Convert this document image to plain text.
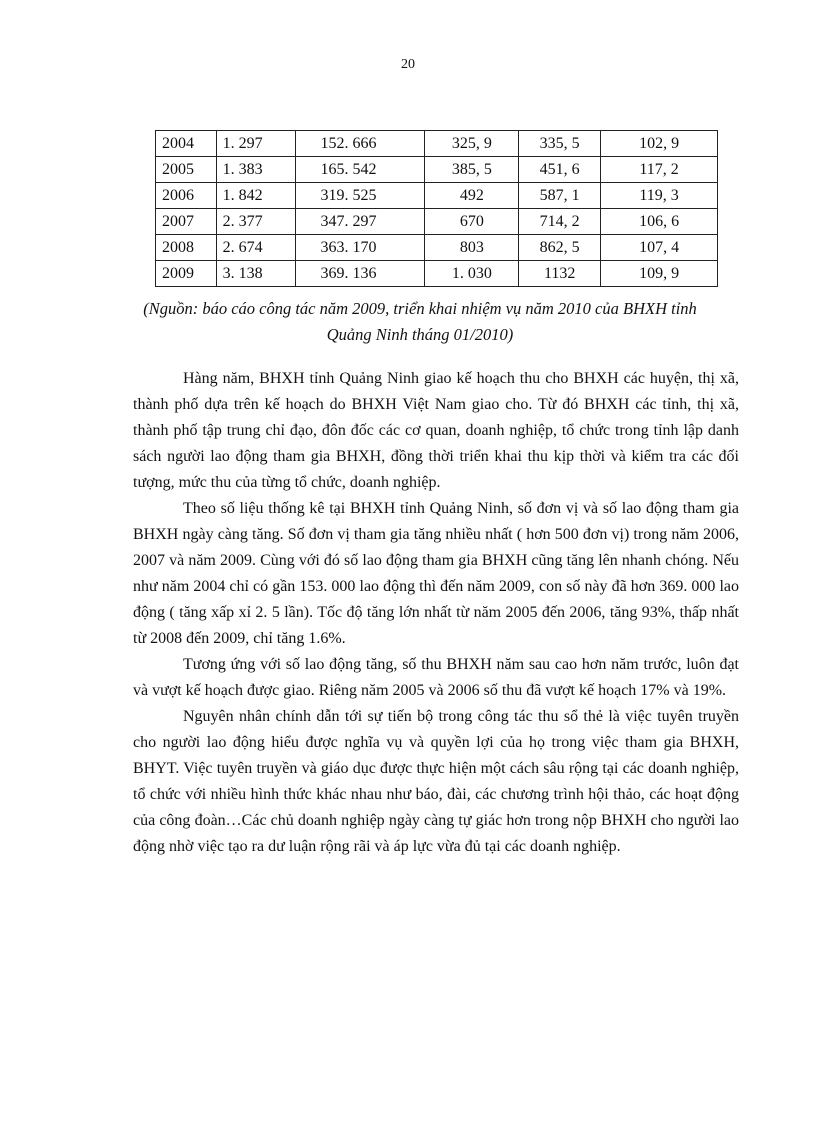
20
2004	1. 297	152. 666	325, 9	335, 5	102, 9
2005	1. 383	165. 542	385, 5	451, 6	117, 2
2006	1. 842	319. 525	492	587, 1	119, 3
2007	2. 377	347. 297	670	714, 2	106, 6
2008	2. 674	363. 170	803	862, 5	107, 4
2009	3. 138	369. 136	1. 030	1132	109, 9
(Nguồn: báo cáo công tác năm 2009, triển khai nhiệm vụ năm 2010 của BHXH tỉnh Quảng Ninh tháng 01/2010)

Hàng năm, BHXH tỉnh Quảng Ninh giao kế hoạch thu cho BHXH các huyện, thị xã, thành phố dựa trên kế hoạch do BHXH Việt Nam giao cho. Từ đó BHXH các tỉnh, thị xã, thành phố tập trung chỉ đạo, đôn đốc các cơ quan, doanh nghiệp, tổ chức trong tỉnh lập danh sách người lao động tham gia BHXH, đồng thời triển khai thu kịp thời và kiểm tra các đối tượng, mức thu của từng tổ chức, doanh nghiệp.

Theo số liệu thống kê tại BHXH tỉnh Quảng Ninh, số đơn vị và số lao động tham gia BHXH ngày càng tăng. Số đơn vị tham gia tăng nhiều nhất ( hơn 500 đơn vị) trong năm 2006, 2007 và năm 2009. Cùng với đó số lao động tham gia BHXH cũng tăng lên nhanh chóng. Nếu như năm 2004 chỉ có gần 153. 000 lao động thì đến năm 2009, con số này đã hơn 369. 000 lao động ( tăng xấp xỉ 2. 5 lần). Tốc độ tăng lớn nhất từ năm 2005 đến 2006, tăng 93%, thấp nhất từ 2008 đến 2009, chỉ tăng 1.6%.

Tương ứng với số lao động tăng, số thu BHXH năm sau cao hơn năm trước, luôn đạt và vượt kế hoạch được giao. Riêng năm 2005 và 2006 số thu đã vượt kế hoạch 17% và 19%.

Nguyên nhân chính dẫn tới sự tiến bộ trong công tác thu sổ thẻ là việc tuyên truyền cho người lao động hiểu được nghĩa vụ và quyền lợi của họ trong việc tham gia BHXH, BHYT. Việc tuyên truyền và giáo dục được thực hiện một cách sâu rộng tại các doanh nghiệp, tổ chức với nhiều hình thức khác nhau như báo, đài, các chương trình hội thảo, các hoạt động của công đoàn…Các chủ doanh nghiệp ngày càng tự giác hơn trong nộp BHXH cho người lao động nhờ việc tạo ra dư luận rộng rãi và áp lực vừa đủ tại các doanh nghiệp.
